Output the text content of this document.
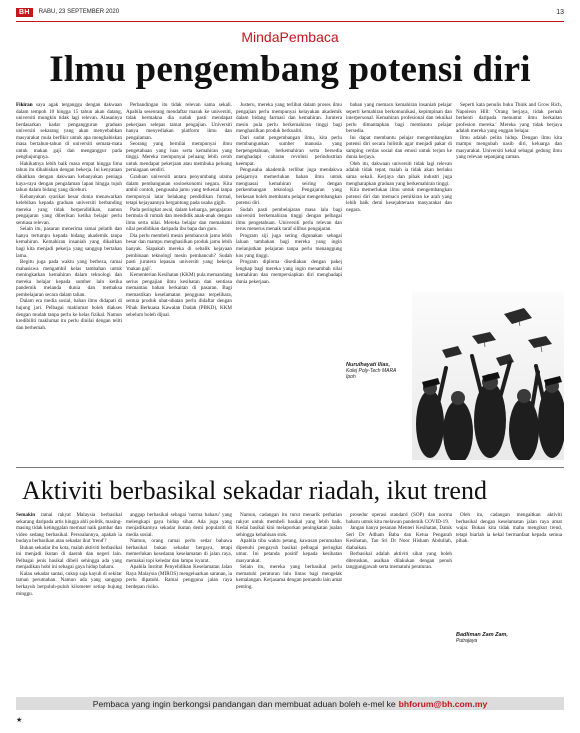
BH	RABU, 23 SEPTEMBER 2020	13
MindaPembaca
Ilmu pengembang potensi diri

Fikiran saya agak terganggu dengan dakwaan dalam tempoh 10 hingga 15 tahun akan datang, universiti mungkin tidak lagi relevan. Alasannya berdasarkan kadar pengangguran graduan universiti sekarang yang akan menyebabkan masyarakat mula berfikir untuk apa menghabiskan masa bertahun-tahun di universiti semata-mata untuk makan gaji dan menganggur pada penghujungnya.

Hakikatnya lebih baik masa empat hingga lima tahun itu dihabiskan dengan bekerja. Ini kenyataan dikaitkan dengan dakwaan kebanyakan peniaga kaya-raya dengan pengalaman lapan hingga tujuh tahun dalam bidang yang diceburi.

Kebanyakan syarikat besar dunia menawarkan kelebihan kepada graduan universiti berbanding mereka yang tidak berpendidikan, namun pengajaran yang diberikan ketika belajar perlu sentiasa relevan.

Selain itu, pasaran menerima ramai pelatih dan hanya tertumpu kepada bidang akademik tanpa kemahiran. Kemahiran insaniah yang dikaitkan bagi kita menjadi pekerja yang sanggup bertahan lama.

Begitu juga pada waktu yang berbeza, ramai mahasiswa mengambil kelas tambahan untuk meningkatkan kemahiran dalam teknologi dan mereka belajar kepada sumber lain ketika pandemik melanda dunia dan memaksa pembelajaran secara dalam talian.

Dalam era media sosial, bahan ilmu didapati di hujung jari. Pelbagai maklumat boleh diakses dengan mudah tanpa perlu ke kelas fizikal. Namun kredibiliti maklumat itu perlu dinilai dengan teliti dan berhemah.

Perbandingan itu tidak relevan sama sekali. Apabila seseorang mendaftar masuk ke universiti, tidak bermakna dia sudah pasti mendapat pekerjaan selepas tamat pengajian. Universiti hanya menyediakan platform ilmu dan pengalaman.

Seorang yang bernilai mempunyai ilmu pengetahuan yang luas serta kemahiran yang tinggi. Mereka mempunyai peluang lebih cerah untuk mendapat pekerjaan atau membuka peluang perniagaan sendiri.

Graduan universiti antara penyumbang utama dalam pembangunan sosioekonomi negara. Kita ambil contoh, pengusaha jamu yang terkenal tanpa mempunyai latar belakang pendidikan formal, tetapi kejayaannya bergantung pada usaha gigih.

Pada peringkat awal, dalam keluarga, pengajaran bermula di rumah dan mendidik anak-anak dengan ilmu serta nilai. Mereka belajar dan memahami nilai pendidikan daripada ibu bapa dan guru.

Dia perlu membeli mesin pembancuh jamu lebih besar dan mampu menghasilkan produk jamu lebih banyak. Siapakah mereka di sebalik kejayaan pembinaan teknologi mesin pembancuh? Sudah pasti jurutera lepasan universiti yang bekerja 'makan gaji'.

Kementerian Kesihatan (KKM) pula memandang serius pengajian ilmu kesihatan dan sentiasa memantau bahan berkaitan di pasaran. Bagi memastikan keselamatan pengguna terpelihara, semua produk ubat-ubatan perlu didaftar dengan Pihak Berkuasa Kawalan Dadah (PBKD), KKM sebelum boleh dijual.

Justeru, mereka yang terlibat dalam proses ilmu pengajian perlu mempunyai kelayakan akademik dalam bidang farmasi dan kemahiran. Jurutera mesin pula perlu berkemahiran tinggi bagi menghasilkan produk berkualiti.

Dari sudut pengembangan ilmu, kita perlu membangunkan sumber manusia yang berpengetahuan, berkemahiran serta bersedia menghadapi cabaran revolusi perindustrian keempat.

Pengusaha akademik terlibat juga mendakwa pelajarnya memerlukan bahan ilmu untuk menguasai kemahiran seiring dengan perkembangan teknologi. Pengajaran yang berkesan boleh membantu pelajar mengembangkan potensi diri.

Sudah pasti pembelajaran masa lalu bagi universiti berkemahiran tinggi dengan pelbagai ilmu pengetahuan. Universiti perlu relevan dan terus menerus menaik taraf silibus pengajaran.

Program siji juga sering digunakan sebagai laluan tambahan bagi mereka yang ingin melanjutkan pelajaran tanpa perlu menanggung kos yang tinggi.

Program diploma disediakan dengan pakej lengkap bagi mereka yang ingin menambah nilai kemahiran dan mempersiapkan diri menghadapi dunia pekerjaan.

bahan yang memacu kemahiran insaniah pelajar seperti kemahiran berkomunikasi, kepimpinan dan interpersonal. Kemahiran profesional dan teknikal perlu dimantapkan bagi membantu pelajar bersedia.

Ini dapat membantu pelajar mengembangkan potensi diri secara holistik agar menjadi pakar di samping cerdas sosial dan emosi untuk terjun ke dunia kerjaya.

Oleh itu, dakwaan universiti tidak lagi relevan adalah tidak tepat, malah ia tidak akan berlaku sama sekali. Kerjaya dan pihak industri juga mengharapkan graduan yang berkemahiran tinggi.

Kita memerlukan ilmu untuk mengembangkan potensi diri dan memacu pemikiran ke arah yang lebih baik demi kesejahteraan masyarakat dan negara.

Seperti kata penulis buku Think and Grow Rich, Napoleon Hill: 'Orang berjaya, tidak pernah berhenti daripada menuntut ilmu berkaitan profesion mereka.' Mereka yang tidak berjaya adalah mereka yang enggan belajar.

Ilmu adalah pelita hidup. Dengan ilmu kita mampu mengubah nasib diri, keluarga dan masyarakat. Universiti kekal sebagai gedung ilmu yang relevan sepanjang zaman.

Nurulhayati Ilias,
Kolej Poly-Tech MARA Ipoh
Aktiviti berbasikal sekadar riadah, ikut trend

Semakin ramai rakyat Malaysia berbasikal sekarang daripada artis hingga ahli politik, masing-masing tidak ketinggalan memuat naik gambar dan video sedang berbasikal. Persoalannya, apakah ia budaya berbasikan atau sekadar ikut 'trend'?

Bukan sekadar ibu kota, malah aktiviti berbasikal ini menjadi ikutan di daerah dan negeri lain. Pelbagai jenis basikal dibeli sehingga ada yang menjadikan hobi ini sebagai gaya hidup baharu.

Kalau sekadar santai, cukup saja kayuh di sekitar taman perumahan. Namun ada yang sanggup berkayuh berpuluh-puluh kilometer setiap hujung minggu.

anggap berbasikal sebagai 'norma baharu' yang melengkapi gaya hidup sihat. Ada juga yang menjadikannya sekadar ikutan demi populariti di media sosial.

Namun, orang ramai perlu sedar bahawa berbasikal bukan sekadar bergaya, tetapi memerlukan kesedaran keselamatan di jalan raya, memakai topi keledar dan lampu isyarat.

Apabila Institut Penyelidikan Keselamatan Jalan Raya Malaysia (MIROS) mengeluarkan saranan, ia perlu dipatuhi. Ramai pengguna jalan raya berdepan risiko.

Namun, cadangan itu turut menarik perhatian rakyat untuk membeli basikal yang lebih baik. Kedai basikal kini melaporkan peningkatan jualan sehingga kehabisan stok.

Apabila tiba waktu petang, kawasan perumahan dipenuhi pengayuh basikal pelbagai peringkat umur. Ini petanda positif kepada kesihatan masyarakat.

Selain itu, mereka yang berbasikal perlu mematuhi peraturan lalu lintas bagi mengelak kemalangan. Kerjasama dengan pemandu lain amat penting.

prosedur operasi standard (SOP) dan norma baharu untuk kita melawan pandemik COVID-19.

Jangan hanya pesanan Menteri Kesihatan, Datuk Seri Dr Adham Baba dan Ketua Pengarah Kesihatan, Tan Sri Dr Noor Hisham Abdullah, diabaikan.

Berbasikal adalah aktiviti sihat yang boleh diteruskan, asalkan dilakukan dengan penuh tanggungjawab serta mematuhi peraturan.

Oleh itu, cadangan mengaitkan aktiviti berbasikal dengan keselamatan jalan raya amat wajar. Bukan kita tidak mahu mengikut trend, tetapi biarlah ia kekal bermanfaat kepada semua pihak.

Badliman Zam Zam,
Putrajaya
Pembaca yang ingin berkongsi pandangan dan membuat aduan boleh e-mel ke bhforum@bh.com.my
★
